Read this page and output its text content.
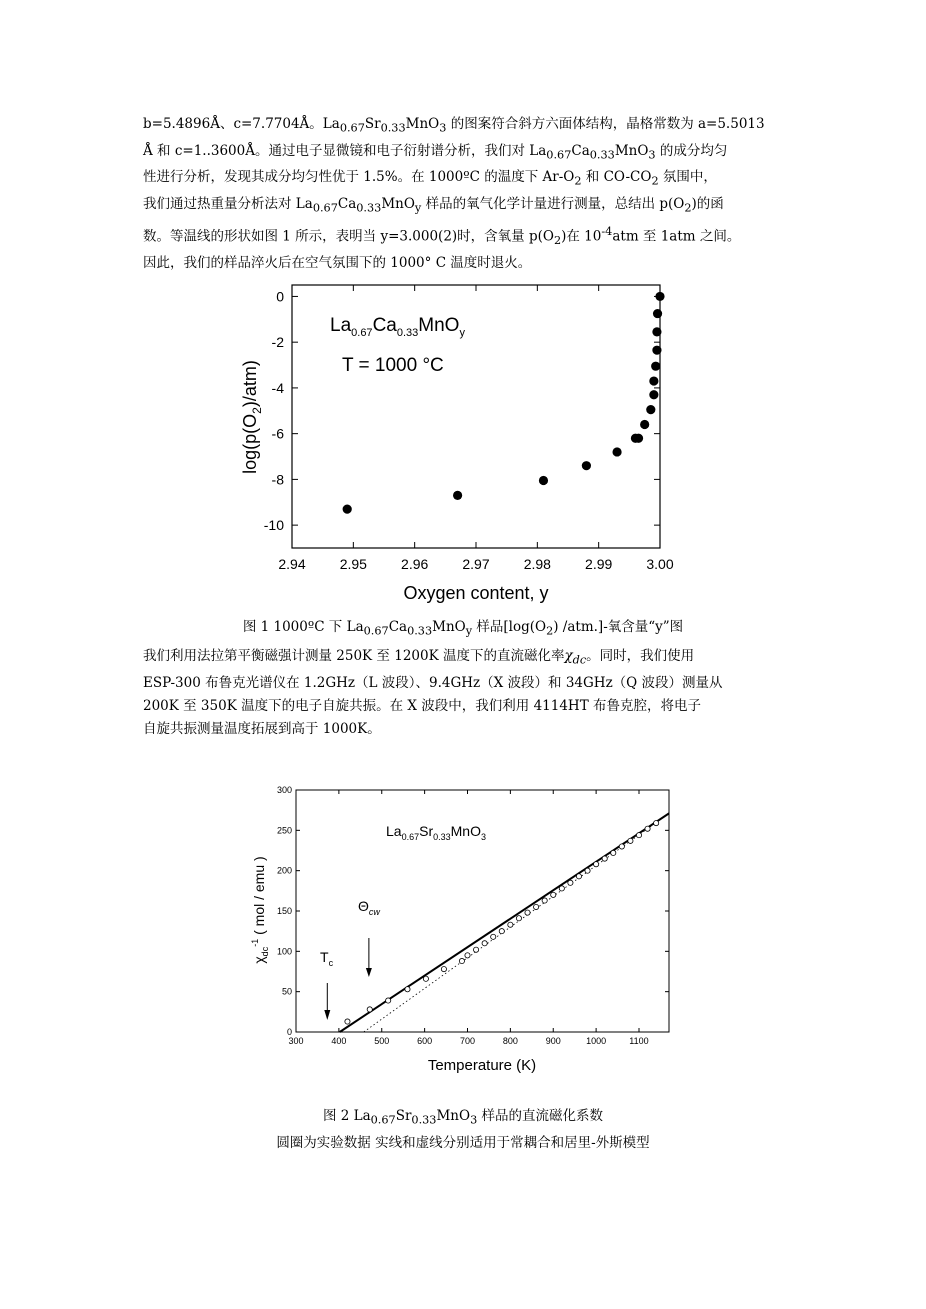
b=5.4896Å、c=7.7704Å。$La_{0.67}Sr_{0.33}MnO_3$ 的图案符合斜方六面体结构，晶格常数为 a=5.5013

Å 和 c=1..3600Å。通过电子显微镜和电子衍射谱分析，我们对 $La_{0.67}Ca_{0.33}MnO_3$ 的成分均匀

性进行分析，发现其成分均匀性优于 1.5%。在 1000ºC 的温度下 $Ar-O_2$ 和 $CO-CO_2$ 氛围中，

我们通过热重量分析法对 $La_{0.67}Ca_{0.33}MnO_y$ 样品的氧气化学计量进行测量，总结出 $p(O_2)$的函

数。等温线的形状如图 1 所示，表明当 y=3.000(2)时，含氧量 $p(O_2)$在 $10^{-4}atm$ 至 1atm 之间。

因此，我们的样品淬火后在空气氛围下的 1000° C 温度时退火。

2.94 2.95 2.96 2.97 2.98 2.99 3.00
0
-2
-4
-6
-8
-10
$La_{0.67}Ca_{0.33}MnO_y$
T = 1000 °C
Oxygen content, y
$\log(p(O_2)/atm)$

图 1 1000ºC 下 $La_{0.67}Ca_{0.33}MnO_y$ 样品[$\log(O_2)$ /atm.]-氧含量“y”图

我们利用法拉第平衡磁强计测量 250K 至 1200K 温度下的直流磁化率$\chi_{dc}$。同时，我们使用

ESP-300 布鲁克光谱仪在 1.2GHz（L 波段）、9.4GHz（X 波段）和 34GHz（Q 波段）测量从

200K 至 350K 温度下的电子自旋共振。在 X 波段中，我们利用 4114HT 布鲁克腔，将电子

自旋共振测量温度拓展到高于 1000K。

300	400	500	600	700	800	900	1000	1100
0
50
100
150
200
250
300
$La_{0.67}Sr_{0.33}MnO_3$
$\Theta_{cw}$
$T_c$
Temperature (K)
$\chi_{dc}^{-1}$ ( mol / emu )

图 2 $La_{0.67}Sr_{0.33}MnO_3$ 样品的直流磁化系数

圆圈为实验数据 实线和虚线分别适用于常耦合和居里-外斯模型
